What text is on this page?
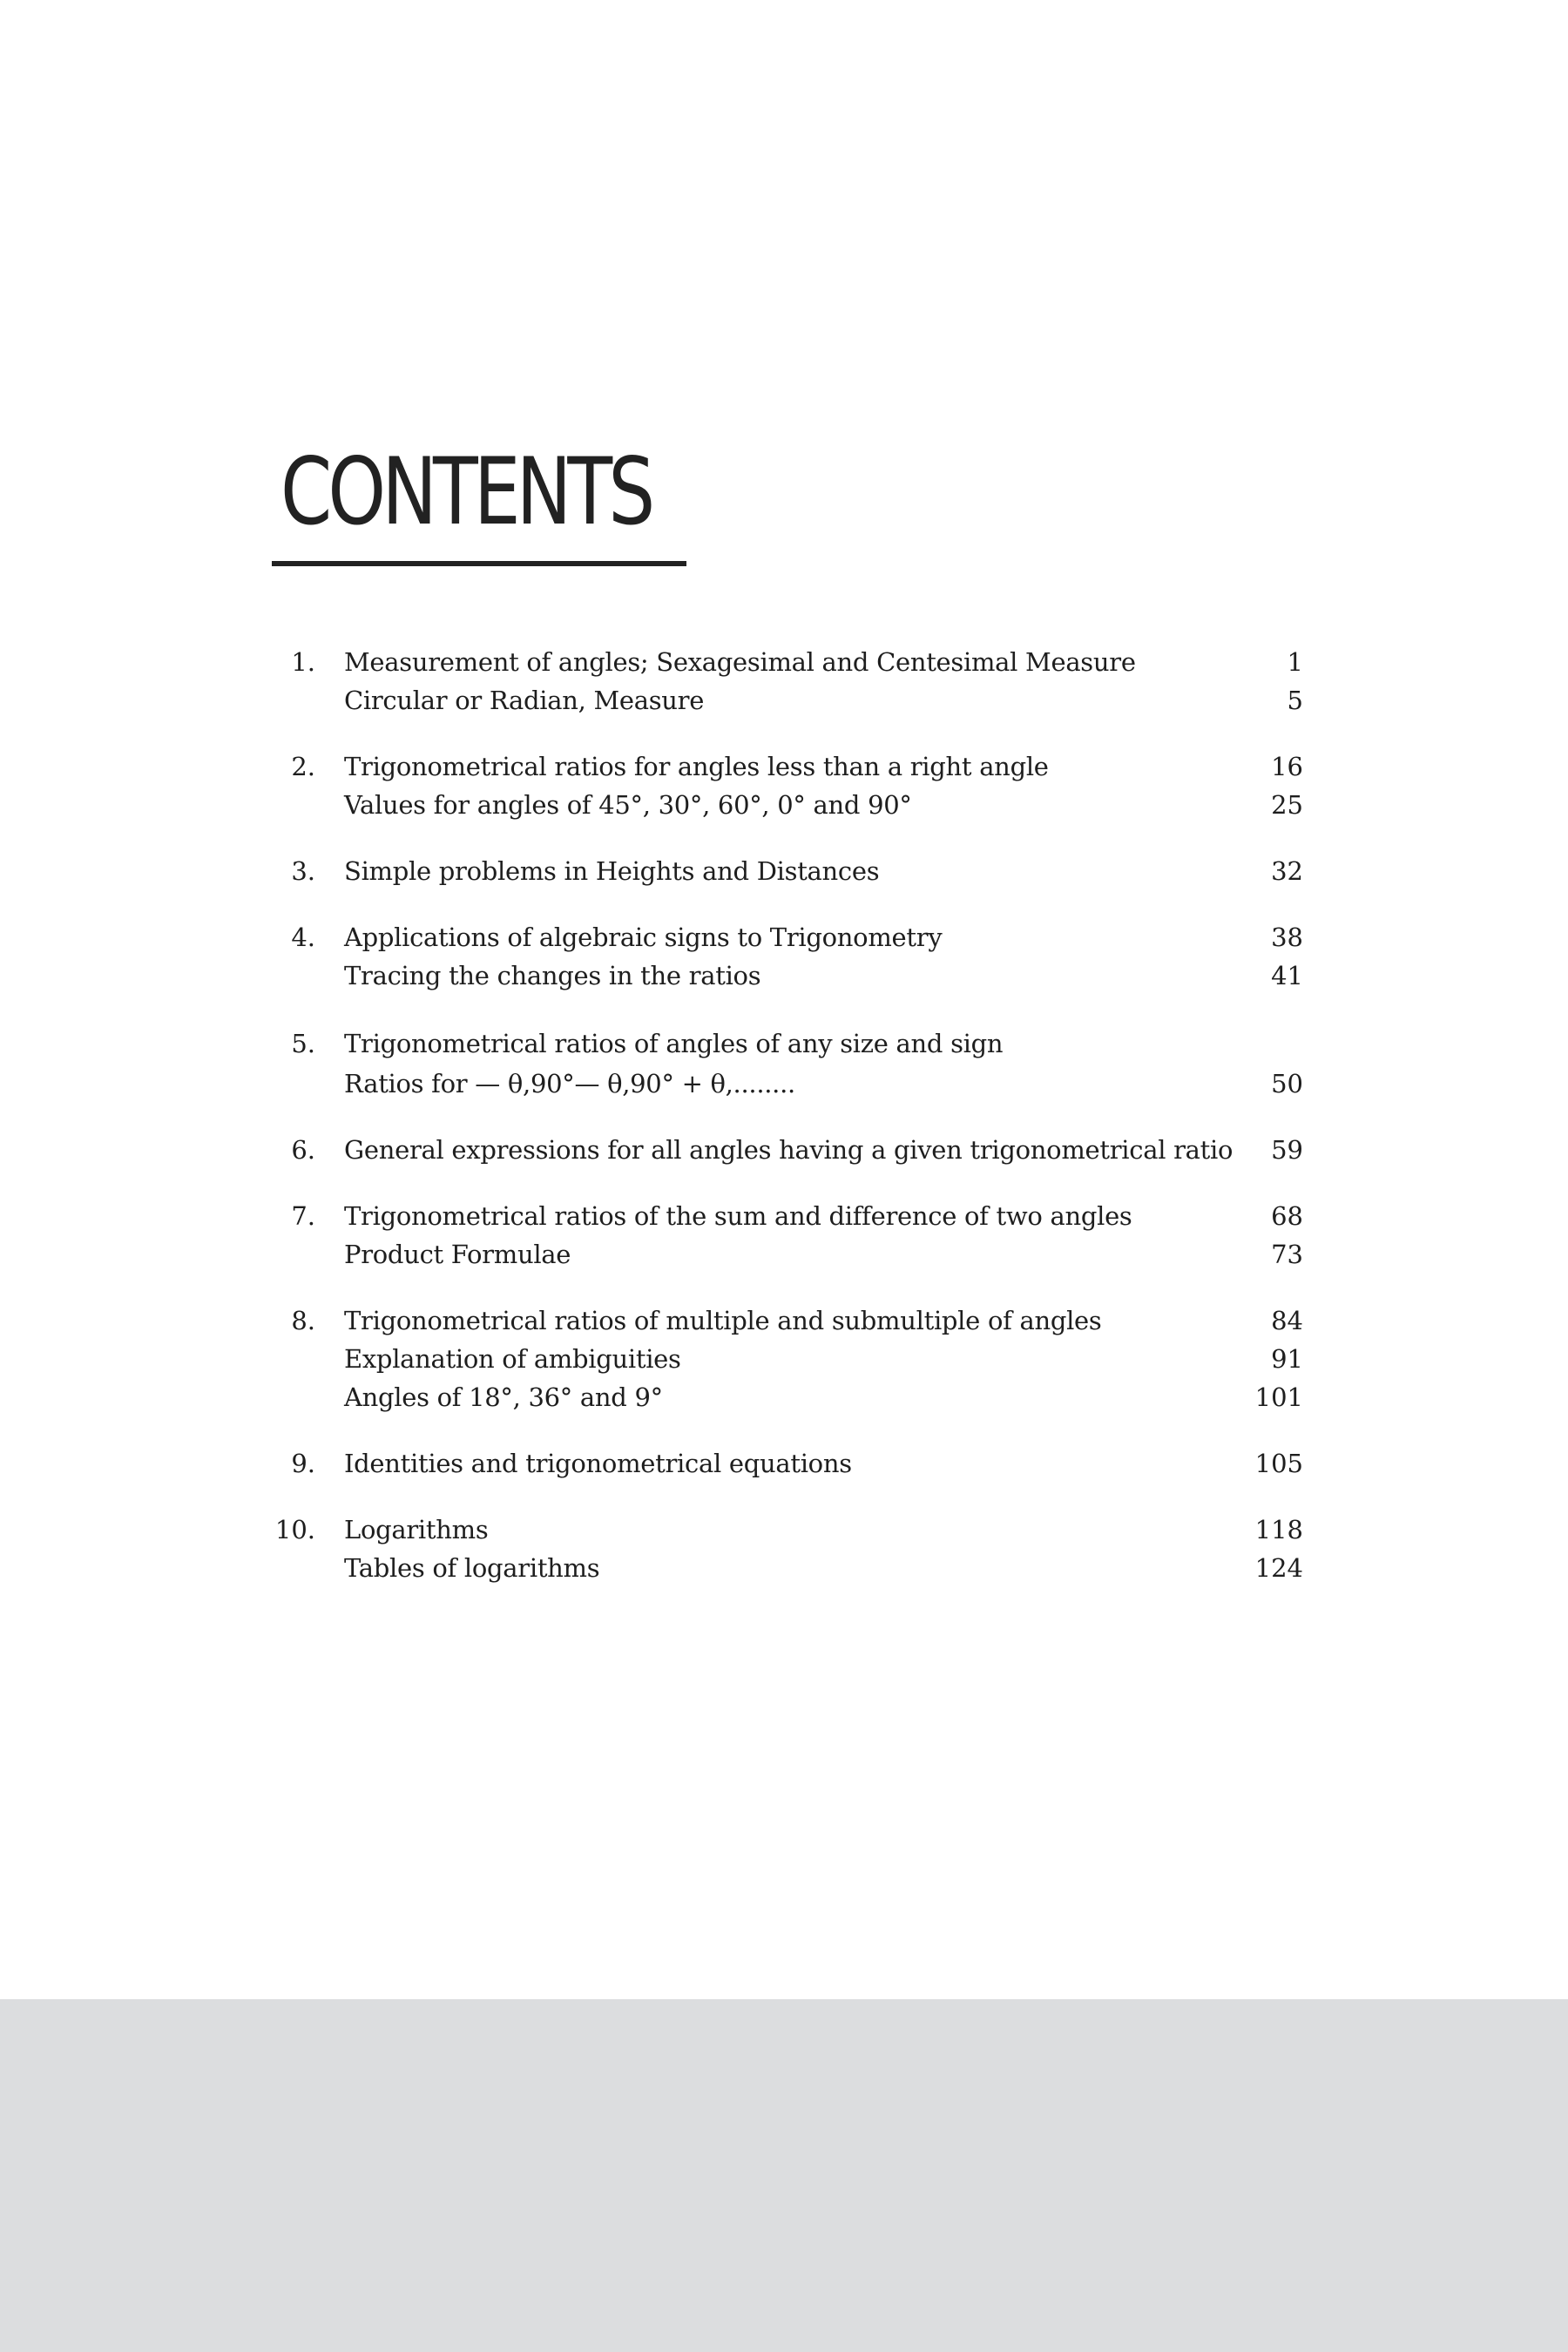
CONTENTS
1. Measurement of angles; Sexagesimal and Centesimal Measure	1
Circular or Radian, Measure	5
2. Trigonometrical ratios for angles less than a right angle	16
Values for angles of 45°, 30°, 60°, 0° and 90°	25
3. Simple problems in Heights and Distances	32
4. Applications of algebraic signs to Trigonometry	38
Tracing the changes in the ratios	41
5. Trigonometrical ratios of angles of any size and sign
Ratios for — θ,90°— θ,90° + θ,........	50
6. General expressions for all angles having a given trigonometrical ratio 59
7. Trigonometrical ratios of the sum and difference of two angles	68
Product Formulae	73
8. Trigonometrical ratios of multiple and submultiple of angles	84
Explanation of ambiguities	91
Angles of 18°, 36° and 9°	101
9. Identities and trigonometrical equations	105
10. Logarithms	118
Tables of logarithms	124
